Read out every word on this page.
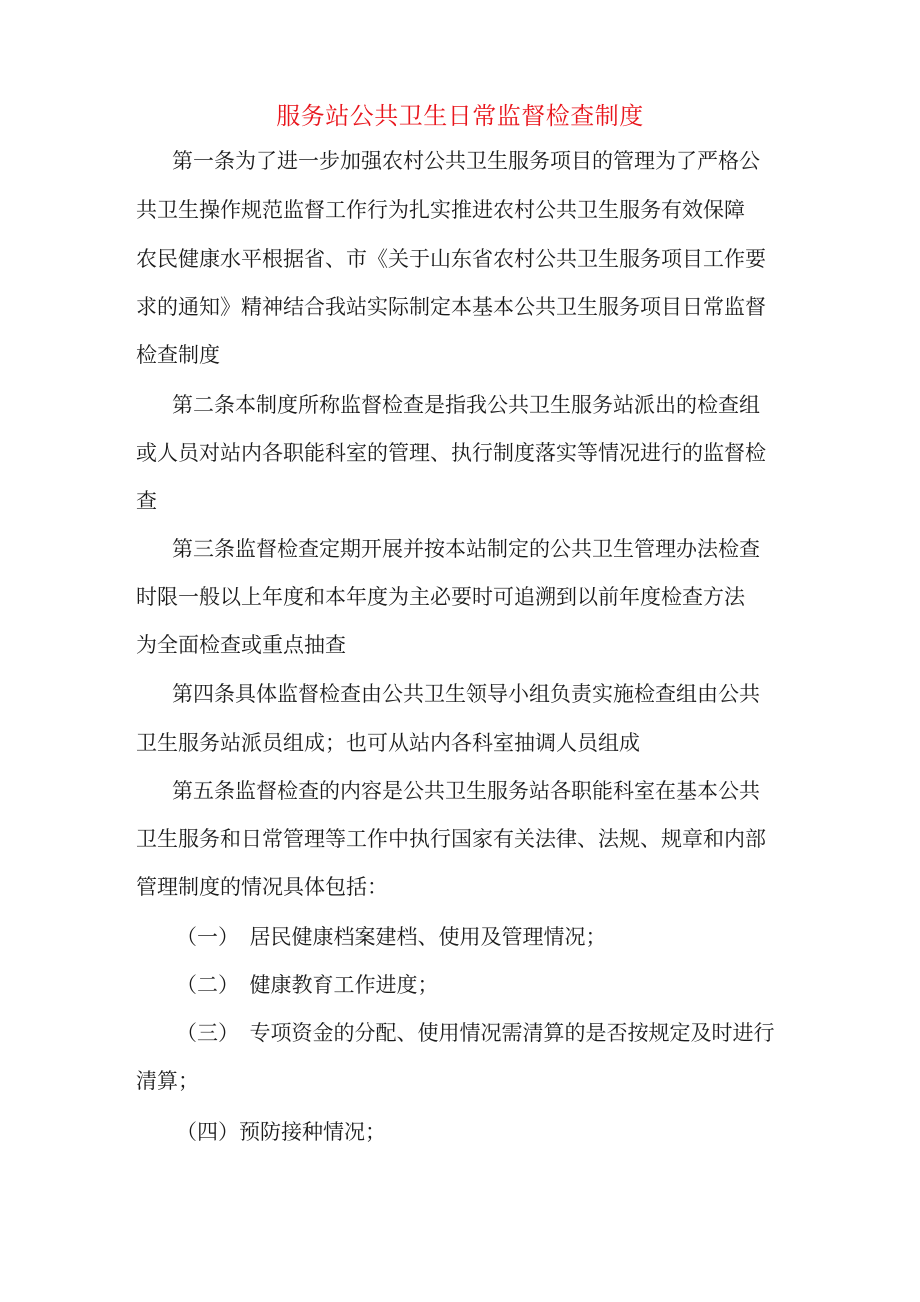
服务站公共卫生日常监督检查制度
第一条为了进一步加强农村公共卫生服务项目的管理为了严格公
共卫生操作规范监督工作行为扎实推进农村公共卫生服务有效保障
农民健康水平根据省、市《关于山东省农村公共卫生服务项目工作要
求的通知》精神结合我站实际制定本基本公共卫生服务项目日常监督
检查制度
第二条本制度所称监督检查是指我公共卫生服务站派出的检查组
或人员对站内各职能科室的管理、执行制度落实等情况进行的监督检
查
第三条监督检查定期开展并按本站制定的公共卫生管理办法检查
时限一般以上年度和本年度为主必要时可追溯到以前年度检查方法
为全面检查或重点抽查
第四条具体监督检查由公共卫生领导小组负责实施检查组由公共
卫生服务站派员组成；也可从站内各科室抽调人员组成
第五条监督检查的内容是公共卫生服务站各职能科室在基本公共
卫生服务和日常管理等工作中执行国家有关法律、法规、规章和内部
管理制度的情况具体包括：
（一）　居民健康档案建档、使用及管理情况；
（二）　健康教育工作进度；
（三）　专项资金的分配、使用情况需清算的是否按规定及时进行
清算；
（四）预防接种情况；
